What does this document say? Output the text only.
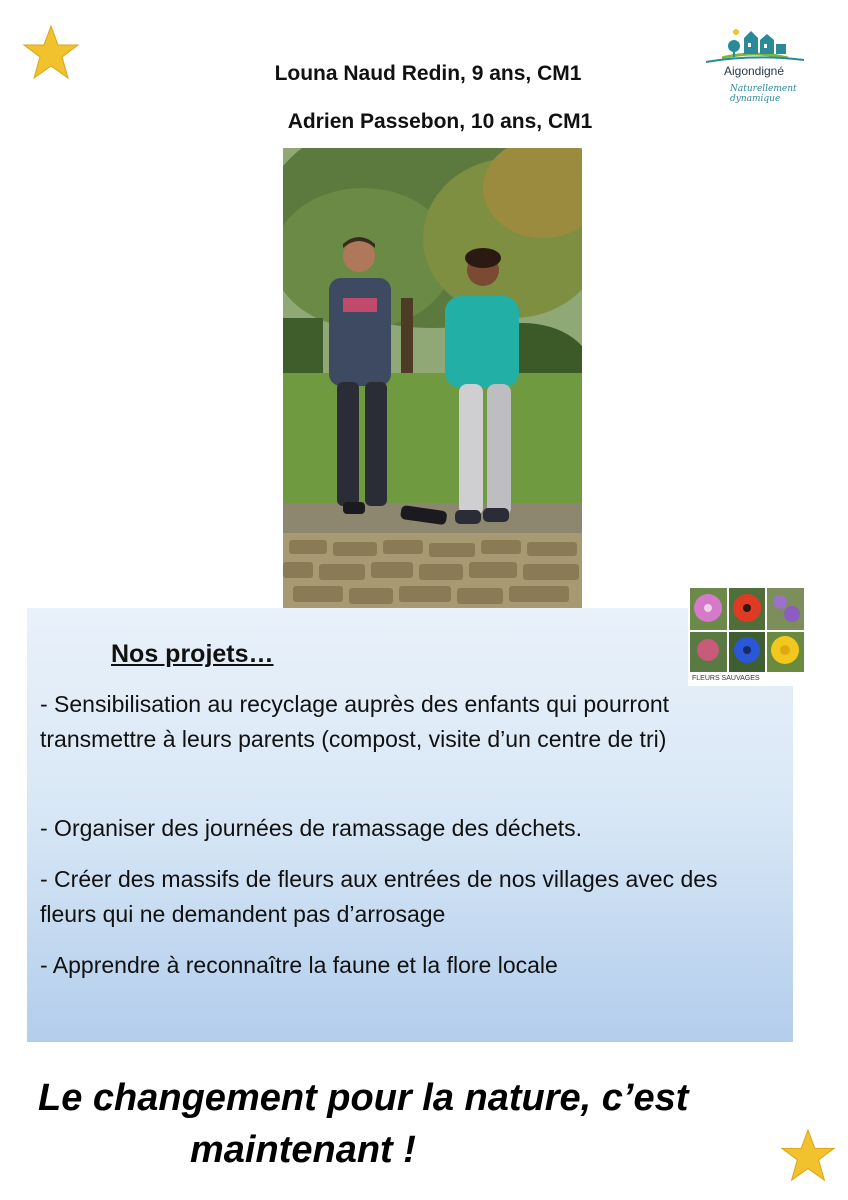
Louna Naud Redin, 9 ans, CM1
Adrien Passebon, 10 ans, CM1
Aigondigné
Naturellement dynamique
FLEURS SAUVAGES
Nos projets…
- Sensibilisation au recyclage auprès des enfants qui pourront transmettre à leurs parents (compost, visite d’un centre de tri)
- Organiser des journées de ramassage des déchets.
- Créer des massifs de fleurs aux entrées de nos villages avec des fleurs qui ne demandent pas d’arrosage
- Apprendre à reconnaître la faune et la flore locale
Le changement pour la nature, c’est
maintenant !
